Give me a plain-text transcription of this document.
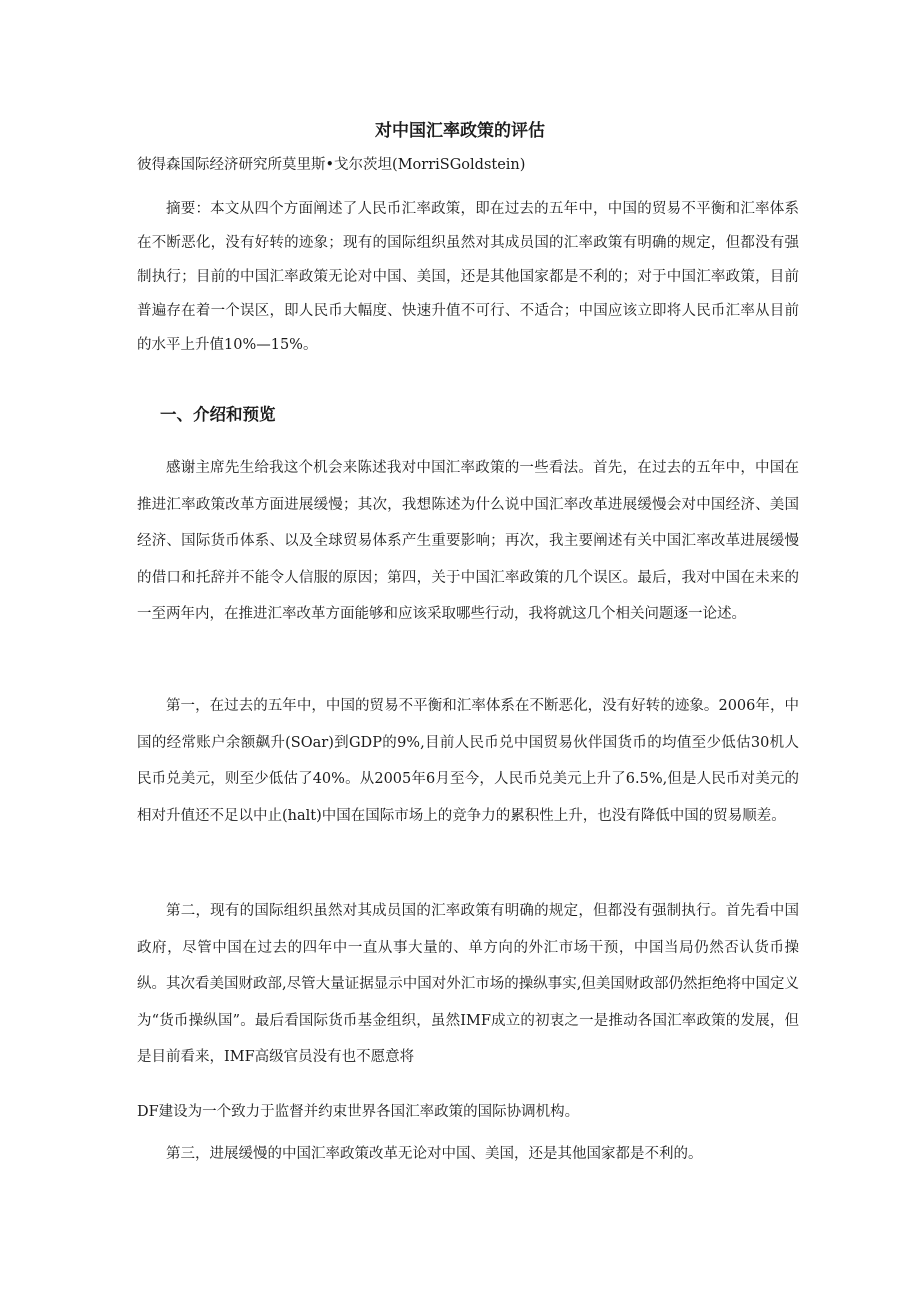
对中国汇率政策的评估
彼得森国际经济研究所莫里斯•戈尔茨坦(MorriSGoldstein)

摘要：本文从四个方面阐述了人民币汇率政策，即在过去的五年中，中国的贸易不平衡和汇率体系在不断恶化，没有好转的迹象；现有的国际组织虽然对其成员国的汇率政策有明确的规定，但都没有强制执行；目前的中国汇率政策无论对中国、美国，还是其他国家都是不利的；对于中国汇率政策，目前普遍存在着一个误区，即人民币大幅度、快速升值不可行、不适合；中国应该立即将人民币汇率从目前的水平上升值10%—15%。

一、介绍和预览

感谢主席先生给我这个机会来陈述我对中国汇率政策的一些看法。首先，在过去的五年中，中国在推进汇率政策改革方面进展缓慢；其次，我想陈述为什么说中国汇率改革进展缓慢会对中国经济、美国经济、国际货币体系、以及全球贸易体系产生重要影响；再次，我主要阐述有关中国汇率改革进展缓慢的借口和托辞并不能令人信服的原因；第四，关于中国汇率政策的几个误区。最后，我对中国在未来的一至两年内，在推进汇率改革方面能够和应该采取哪些行动，我将就这几个相关问题逐一论述。

第一，在过去的五年中，中国的贸易不平衡和汇率体系在不断恶化，没有好转的迹象。2006年，中国的经常账户余额飙升(SOar)到GDP的9%,目前人民币兑中国贸易伙伴国货币的均值至少低估30机人民币兑美元，则至少低估了40%。从2005年6月至今，人民币兑美元上升了6.5%,但是人民币对美元的相对升值还不足以中止(halt)中国在国际市场上的竞争力的累积性上升，也没有降低中国的贸易顺差。

第二，现有的国际组织虽然对其成员国的汇率政策有明确的规定，但都没有强制执行。首先看中国政府，尽管中国在过去的四年中一直从事大量的、单方向的外汇市场干预，中国当局仍然否认货币操纵。其次看美国财政部,尽管大量证据显示中国对外汇市场的操纵事实,但美国财政部仍然拒绝将中国定义为“货币操纵国”。最后看国际货币基金组织，虽然IMF成立的初衷之一是推动各国汇率政策的发展，但是目前看来，IMF高级官员没有也不愿意将

DF建设为一个致力于监督并约束世界各国汇率政策的国际协调机构。

第三，进展缓慢的中国汇率政策改革无论对中国、美国，还是其他国家都是不利的。
